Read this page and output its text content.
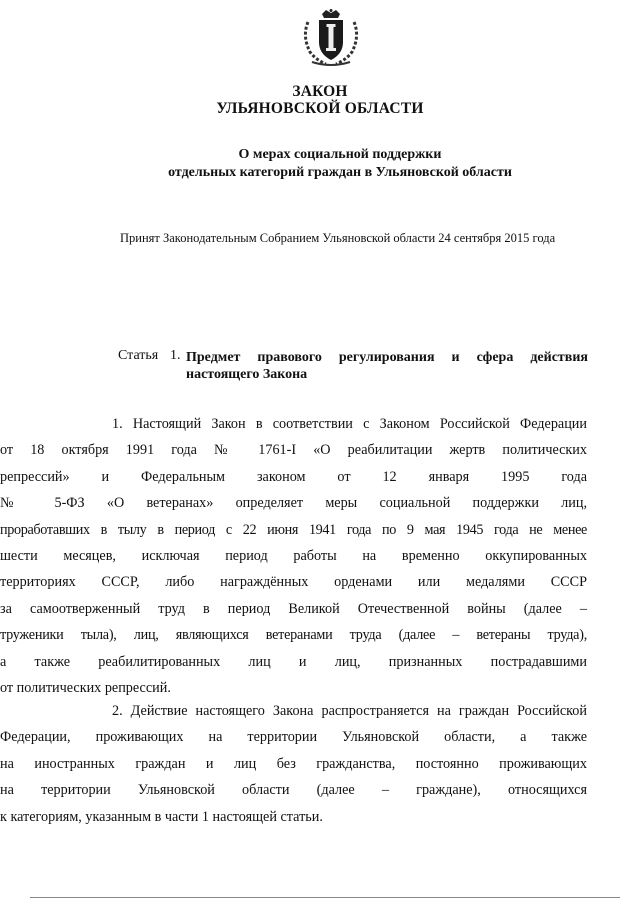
ЗАКОН
УЛЬЯНОВСКОЙ ОБЛАСТИ
О мерах социальной поддержки
отдельных категорий граждан в Ульяновской области
Принят Законодательным Собранием Ульяновской области 24 сентября 2015 года
Статья 1. Предмет правового регулирования и сфера действия
настоящего Закона
1. Настоящий Закон в соответствии с Законом Российской Федерации
от 18 октября 1991 года № 1761-I «О реабилитации жертв политических
репрессий» и Федеральным законом от 12 января 1995 года
№ 5-ФЗ «О ветеранах» определяет меры социальной поддержки лиц,
проработавших в тылу в период с 22 июня 1941 года по 9 мая 1945 года не менее
шести месяцев, исключая период работы на временно оккупированных
территориях СССР, либо награждённых орденами или медалями СССР
за самоотверженный труд в период Великой Отечественной войны (далее –
труженики тыла), лиц, являющихся ветеранами труда (далее – ветераны труда),
а также реабилитированных лиц и лиц, признанных пострадавшими
от политических репрессий.
2. Действие настоящего Закона распространяется на граждан Российской
Федерации, проживающих на территории Ульяновской области, а также
на иностранных граждан и лиц без гражданства, постоянно проживающих
на территории Ульяновской области (далее – граждане), относящихся
к категориям, указанным в части 1 настоящей статьи.
